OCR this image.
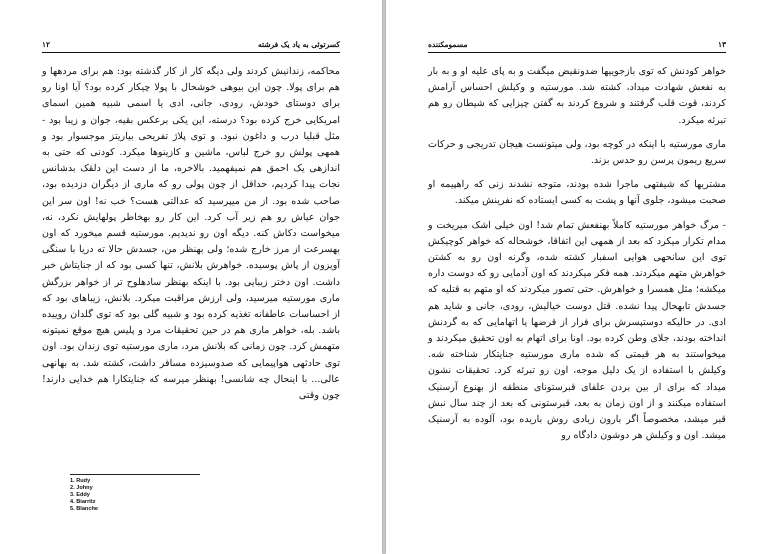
کسرتوئی به یاد یک فرشته
۱۲

محاکمه، زندانیش کردند ولی دیگه کار از کار گذشته بود: هم برای مردهها و هم برای پولا. چون این بیوهی خوشحال با پولا چیکار کرده بود؟ آیا اونا رو برای دوستای خودش، رودی، جانی، ادی یا اسمی شبیه همین اسمای امریکایی خرج کرده بود؟ درسته، این یکی برعکس بقیه، جوان و زیبا بود - مثل قبلیا درب و داغون نبود. و توی پلاژ تفریحی بیاریتز موجسوار بود و همهی پولش رو خرج لباس، ماشین و کازینوها میکرد. کودنی که حتی به اندازهی یک احمق هم نمیفهمید. بالاخره، ما از دست این دلقک بدشانس نجات پیدا کردیم، حداقل از چون پولی رو که ماری از دیگران دزدیده بود، صاحب شده بود. از من میپرسید که عدالتی هست؟ خب نه! اون سر این جوان عیاش رو هم زیر آب کرد. این کار رو بهخاطر پولهایش نکرد، نه، میخواست دکاش کنه. دیگه اون رو ندیدیم. مورستیه قسم میخورد که اون بهسرعت از مرز خارج شده؛ ولی بهنظر من، جسدش حالا ته دریا با سنگی آویزون از پاش پوسیده. خواهرش بلانش، تنها کسی بود که از جنایتاش خبر داشت. اون دختر زیبایی بود. با اینکه بهنظر سادهلوح تر از خواهر بزرگش ماری مورستیه میرسید، ولی ارزش مراقبت میکرد. بلانش، زیباهای بود که از احساسات عاطفانه تغذیه کرده بود و شبیه گلی بود که توی گلدان روییده باشد. بله، خواهر ماری هم در حین تحقیقات مرد و پلیس هیچ موقع نمیتونه متهمش کرد. چون زمانی که بلانش مرد، ماری مورستیه توی زندان بود. اون توی حادثهی هواپیمایی که صدوسیزده مسافر داشت، کشته شد. به بهانهی عالی... با اینحال چه شانسی! بهنظر میرسه که جنایتکارا هم خدایی دارند! چون وقتی

1. Rudy
2. Johny
3. Eddy
4. Biarritz
5. Blanche
۱۳
مسمومکننده

خواهر کودنش که توی بازجوییها ضدونقیض میگفت و به پای علیه او و به بار به نفعش شهادت میداد، کشته شد. مورستیه و وکیلش احساس آرامش کردند، قوت قلب گرفتند و شروع کردند به گفتن چیزایی که شیطان رو هم تبرئه میکرد.

ماری مورستیه با اینکه در کوچه بود، ولی میتونست هیجان تدریجی و حرکات سریع ریمون پرسن رو حدس بزند.

مشتریها که شیفتهی ماجرا شده بودند، متوجه نشدند زنی که راهپیمه او صحبت میشود، جلوی آنها و پشت به کسی ایستاده که نفرینش میکند.

- مرگ خواهر مورستیه کاملاً بهنفعش تمام شد! اون خیلی اشک میریخت و مدام تکرار میکرد که بعد از همهی این اتفاقا، خوشحاله که خواهر کوچیکش توی این سانحهی هوایی اسفبار کشته شده، وگرنه اون رو به کشتن خواهرش متهم میکردند. همه فکر میکردند که اون آدمایی رو که دوست داره میکشه؛ مثل همسرا و خواهرش. حتی تصور میکردند که او متهم به قتلیه که جسدش تابهحال پیدا نشده. قتل دوست خیالیش، رودی، جانی و شاید هم ادی. در حالیکه دوستپسرش برای فرار از قرضها یا اتهامایی که به گردنش انداخته بودند، جلای وطن کرده بود. اونا برای اتهام به اون تحقیق میکردند و میخواستند به هر قیمتی که شده ماری مورستیه جنایتکار شناخته شه. وکیلش با استفاده از یک دلیل موجه، اون رو تبرئه کرد. تحقیقات نشون میداد که برای از بین بردن علفای قبرستونای منطقه از بهنوع آرسنیک استفاده میکنند و از اون زمان به بعد، قبرستونی که بعد از چند سال نبش قبر میشد، مخصوصاً اگر بارون زیادی روش باریده بود، آلوده به آرسنیک میشد. اون و وکیلش هر دوشون دادگاه رو
